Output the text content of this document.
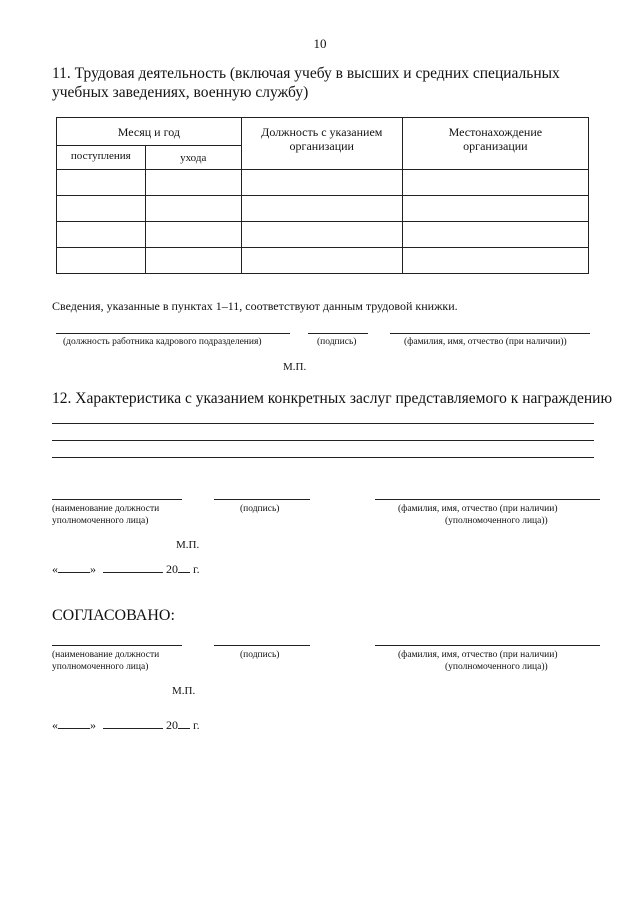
10
11. Трудовая деятельность (включая учебу в высших и средних специальных учебных заведениях, военную службу)
Месяц и год		Должность с указанием организации	Местонахождение организации
поступления	ухода		

Сведения, указанные в пунктах 1–11, соответствуют данным трудовой книжки.
(должность работника кадрового подразделения)	(подпись)	(фамилия, имя, отчество (при наличии))
М.П.
12. Характеристика с указанием конкретных заслуг представляемого к награждению
(наименование должности
уполномоченного лица)
(подпись)	(фамилия, имя, отчество (при наличии)
(уполномоченного лица))
М.П.
«	»	20 г.
СОГЛАСОВАНО:
(наименование должности
уполномоченного лица)
(подпись)	(фамилия, имя, отчество (при наличии)
(уполномоченного лица))
М.П.
«	»	20 г.
